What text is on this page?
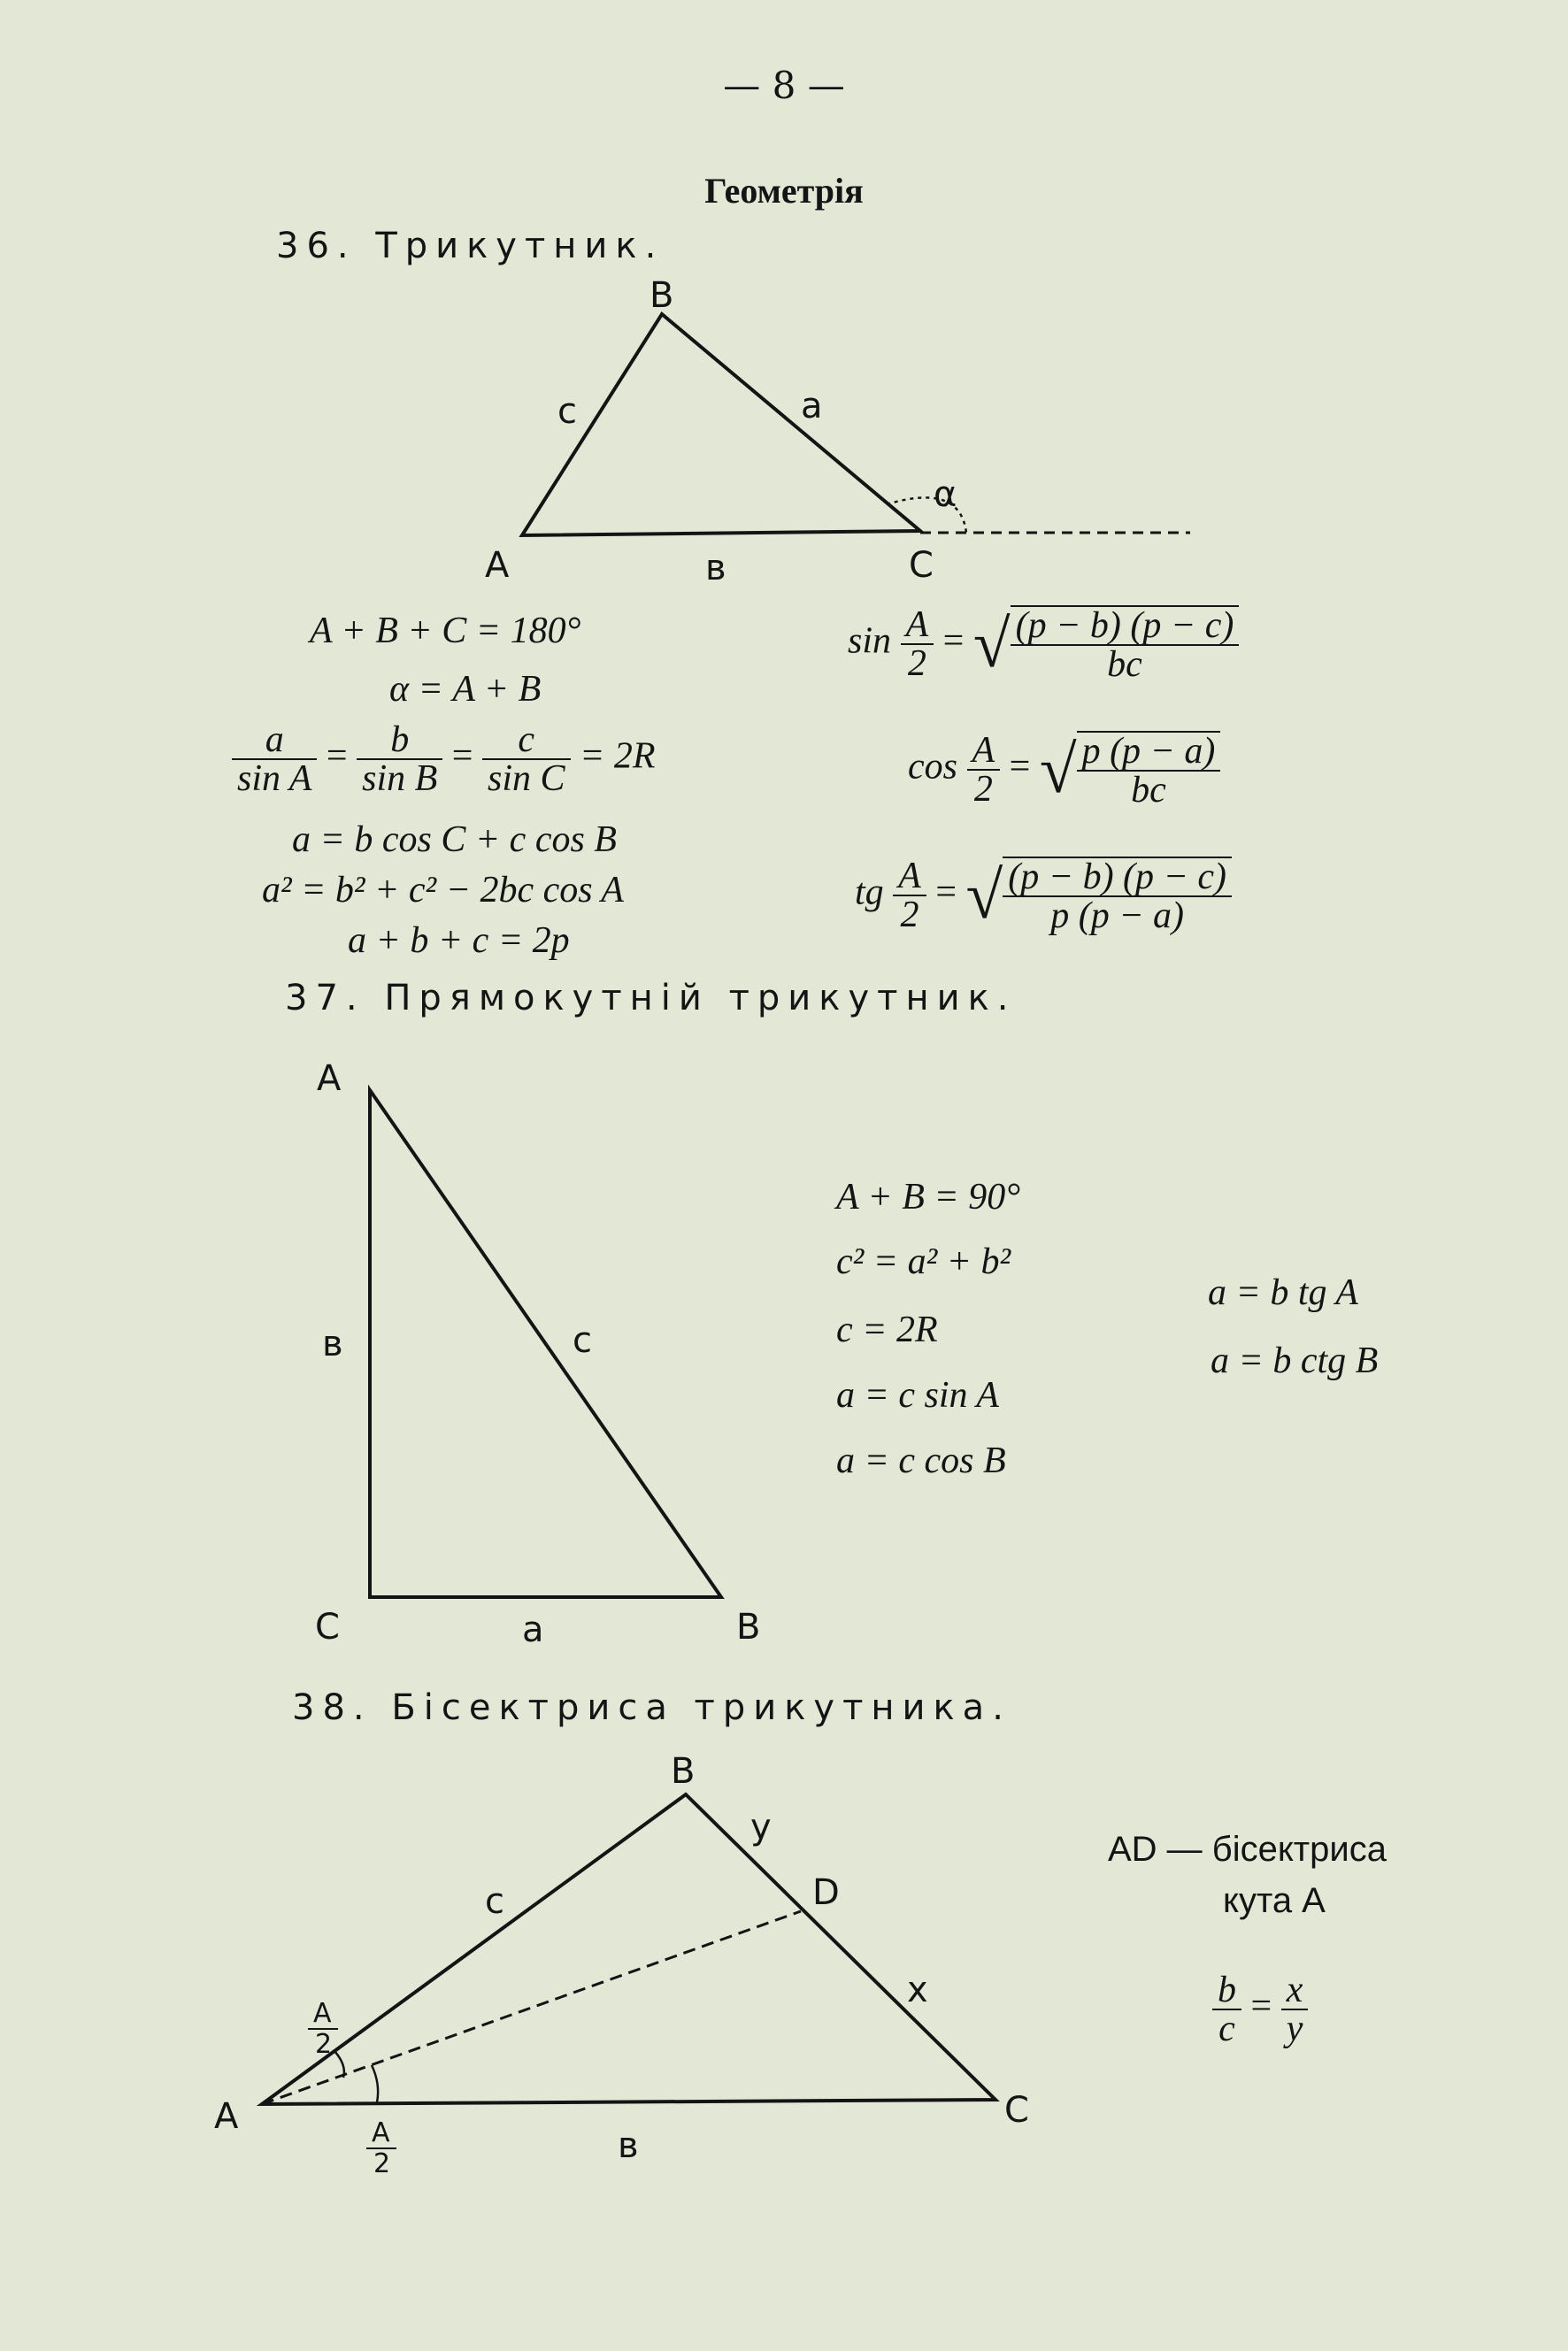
— 8 —
Геометрія
36. Трикутник.
B
A	C
c	a
в
α
A
C	B
в	c
a
B
A	C
D
y
x
c
в
A
2
A
2
A + B + C = 180°
α = A + B
$\frac{a}{\text{sin A}} = \frac{b}{\text{sin B}} = \frac{c}{\text{sin C}} = 2R$
a = b cos C + c cos B
a² = b² + c² − 2bc cos A
a + b + c = 2p
$\sin \frac{A}{2}$ = √ $\frac{(p - b) (p - c)}{bc}$
$\cos \frac{A}{2}$ = √ $\frac{p (p - a)}{bc}$
tg $\frac{A}{2}$ = √ $\frac{(p - b) (p - c)}{p (p - a)}$
37. Прямокутній трикутник.
A + B = 90°
c² = a² + b²
c = 2R
a = c sin A
a = c cos B
a = b tg A
a = b ctg B
38. Бісектриса трикутника.
AD — бісектриса
кута A
$\frac{b}{c} = \frac{x}{y}$
